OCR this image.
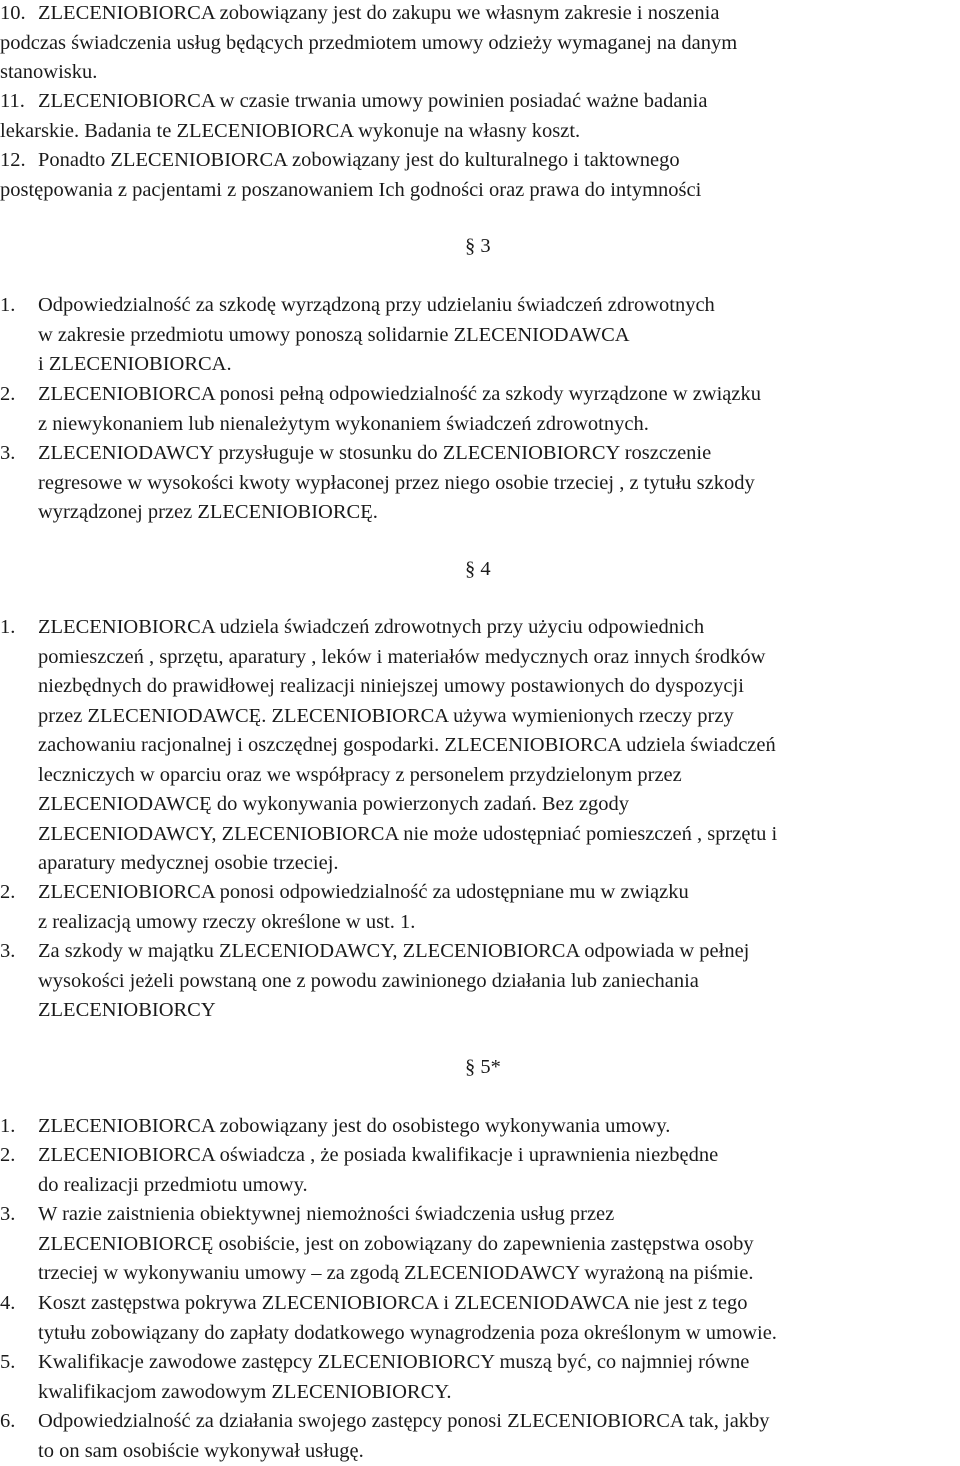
10. ZLECENIOBIORCA zobowiązany jest do zakupu we własnym zakresie i noszenia
podczas świadczenia usług będących przedmiotem umowy odzieży wymaganej na danym
stanowisku.
11. ZLECENIOBIORCA w czasie trwania umowy powinien posiadać ważne badania
lekarskie. Badania te ZLECENIOBIORCA wykonuje na własny koszt.
12. Ponadto ZLECENIOBIORCA zobowiązany jest do kulturalnego i taktownego
postępowania z pacjentami z poszanowaniem Ich godności oraz prawa do intymności
§ 3
1. Odpowiedzialność za szkodę wyrządzoną przy udzielaniu świadczeń zdrowotnych
w zakresie przedmiotu umowy ponoszą solidarnie ZLECENIODAWCA
i ZLECENIOBIORCA.
2. ZLECENIOBIORCA ponosi pełną odpowiedzialność za szkody wyrządzone w związku
z niewykonaniem lub nienależytym wykonaniem świadczeń zdrowotnych.
3. ZLECENIODAWCY przysługuje w stosunku do ZLECENIOBIORCY roszczenie
regresowe w wysokości kwoty wypłaconej przez niego osobie trzeciej , z tytułu szkody
wyrządzonej przez ZLECENIOBIORCĘ.
§ 4
1. ZLECENIOBIORCA udziela świadczeń zdrowotnych przy użyciu odpowiednich
pomieszczeń , sprzętu, aparatury , leków i materiałów medycznych oraz innych środków
niezbędnych do prawidłowej realizacji niniejszej umowy postawionych do dyspozycji
przez ZLECENIODAWCĘ. ZLECENIOBIORCA używa wymienionych rzeczy przy
zachowaniu racjonalnej i oszczędnej gospodarki. ZLECENIOBIORCA udziela świadczeń
leczniczych w oparciu oraz we współpracy z personelem przydzielonym przez
ZLECENIODAWCĘ do wykonywania powierzonych zadań. Bez zgody
ZLECENIODAWCY, ZLECENIOBIORCA nie może udostępniać pomieszczeń , sprzętu i
aparatury medycznej osobie trzeciej.
2. ZLECENIOBIORCA ponosi odpowiedzialność za udostępniane mu w związku
z realizacją umowy rzeczy określone w ust. 1.
3. Za szkody w majątku ZLECENIODAWCY, ZLECENIOBIORCA odpowiada w pełnej
wysokości jeżeli powstaną one z powodu zawinionego działania lub zaniechania
ZLECENIOBIORCY
§ 5*
1. ZLECENIOBIORCA zobowiązany jest do osobistego wykonywania umowy.
2. ZLECENIOBIORCA oświadcza , że posiada kwalifikacje i uprawnienia niezbędne
do realizacji przedmiotu umowy.
3. W razie zaistnienia obiektywnej niemożności świadczenia usług przez
ZLECENIOBIORCĘ osobiście, jest on zobowiązany do zapewnienia zastępstwa osoby
trzeciej w wykonywaniu umowy – za zgodą ZLECENIODAWCY wyrażoną na piśmie.
4. Koszt zastępstwa pokrywa ZLECENIOBIORCA i ZLECENIODAWCA nie jest z tego
tytułu zobowiązany do zapłaty dodatkowego wynagrodzenia poza określonym w umowie.
5. Kwalifikacje zawodowe zastępcy ZLECENIOBIORCY muszą być, co najmniej równe
kwalifikacjom zawodowym ZLECENIOBIORCY.
6. Odpowiedzialność za działania swojego zastępcy ponosi ZLECENIOBIORCA tak, jakby
to on sam osobiście wykonywał usługę.
